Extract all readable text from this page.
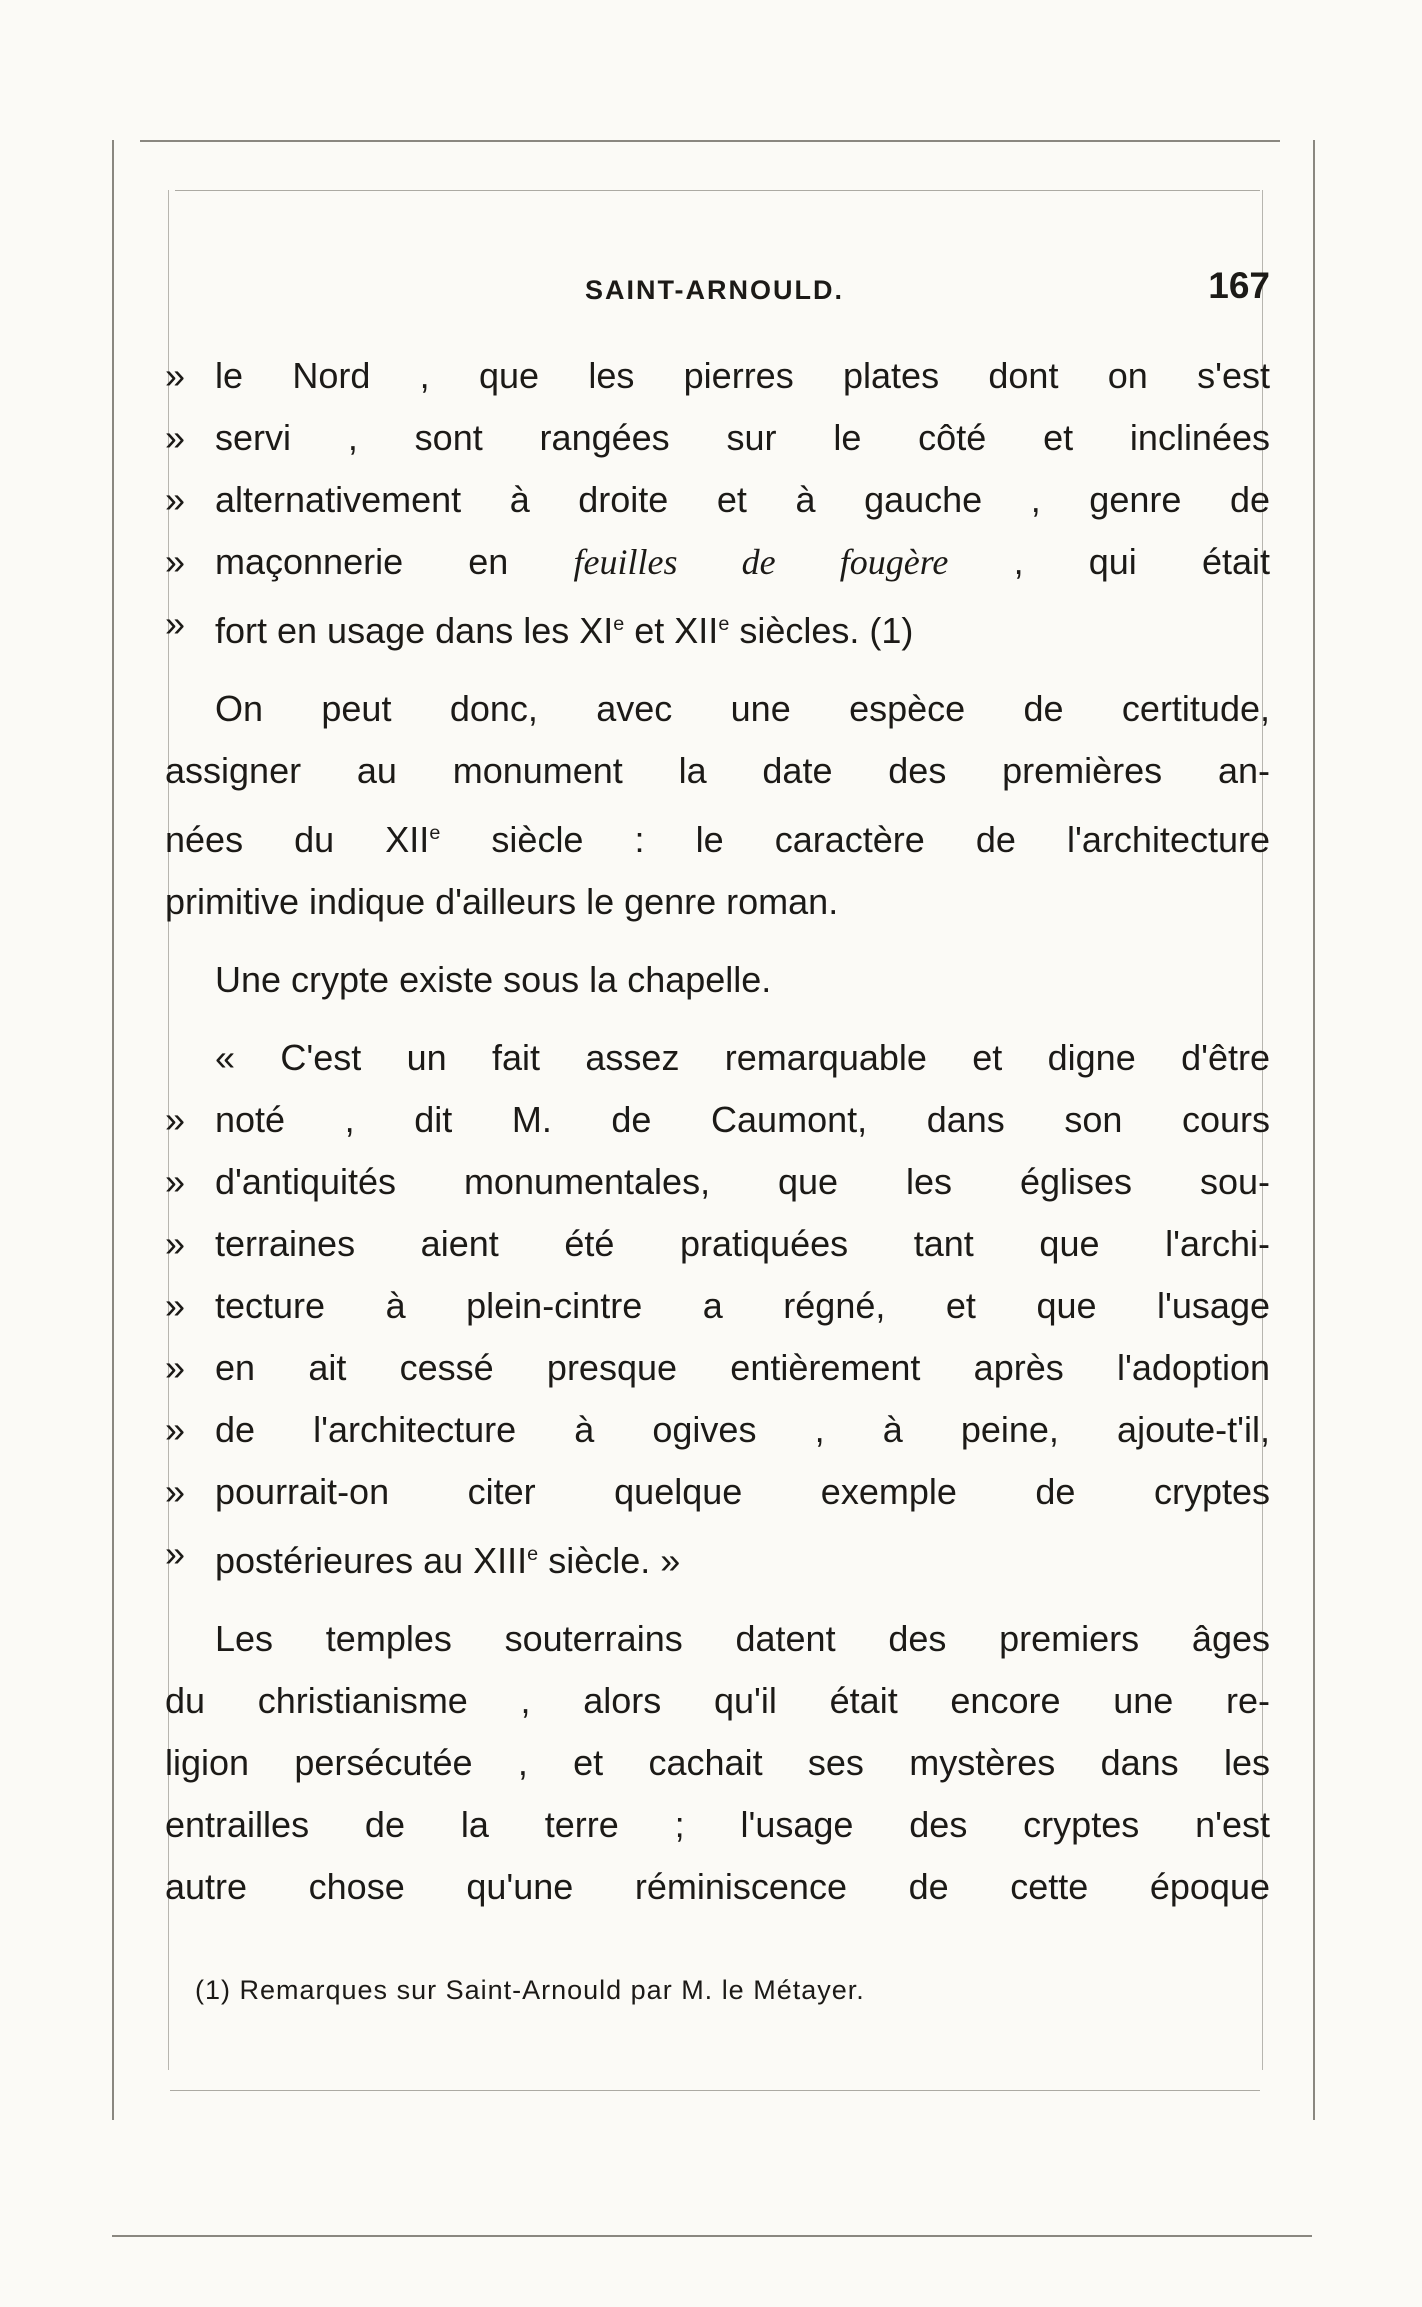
SAINT-ARNOULD.	167
» le Nord , que les pierres plates dont on s'est
» servi , sont rangées sur le côté et inclinées
» alternativement à droite et à gauche , genre de
» maçonnerie en feuilles de fougère , qui était
» fort en usage dans les XIe et XIIe siècles. (1)
On peut donc, avec une espèce de certitude,
assigner au monument la date des premières an-
nées du XIIe siècle : le caractère de l'architecture
primitive indique d'ailleurs le genre roman.
Une crypte existe sous la chapelle.
« C'est un fait assez remarquable et digne d'être
» noté , dit M. de Caumont, dans son cours
» d'antiquités monumentales, que les églises sou-
» terraines aient été pratiquées tant que l'archi-
» tecture à plein-cintre a régné, et que l'usage
» en ait cessé presque entièrement après l'adoption
» de l'architecture à ogives , à peine, ajoute-t'il,
» pourrait-on citer quelque exemple de cryptes
» postérieures au XIIIe siècle. »
Les temples souterrains datent des premiers âges
du christianisme , alors qu'il était encore une re-
ligion persécutée , et cachait ses mystères dans les
entrailles de la terre ; l'usage des cryptes n'est
autre chose qu'une réminiscence de cette époque
(1) Remarques sur Saint-Arnould par M. le Métayer.
